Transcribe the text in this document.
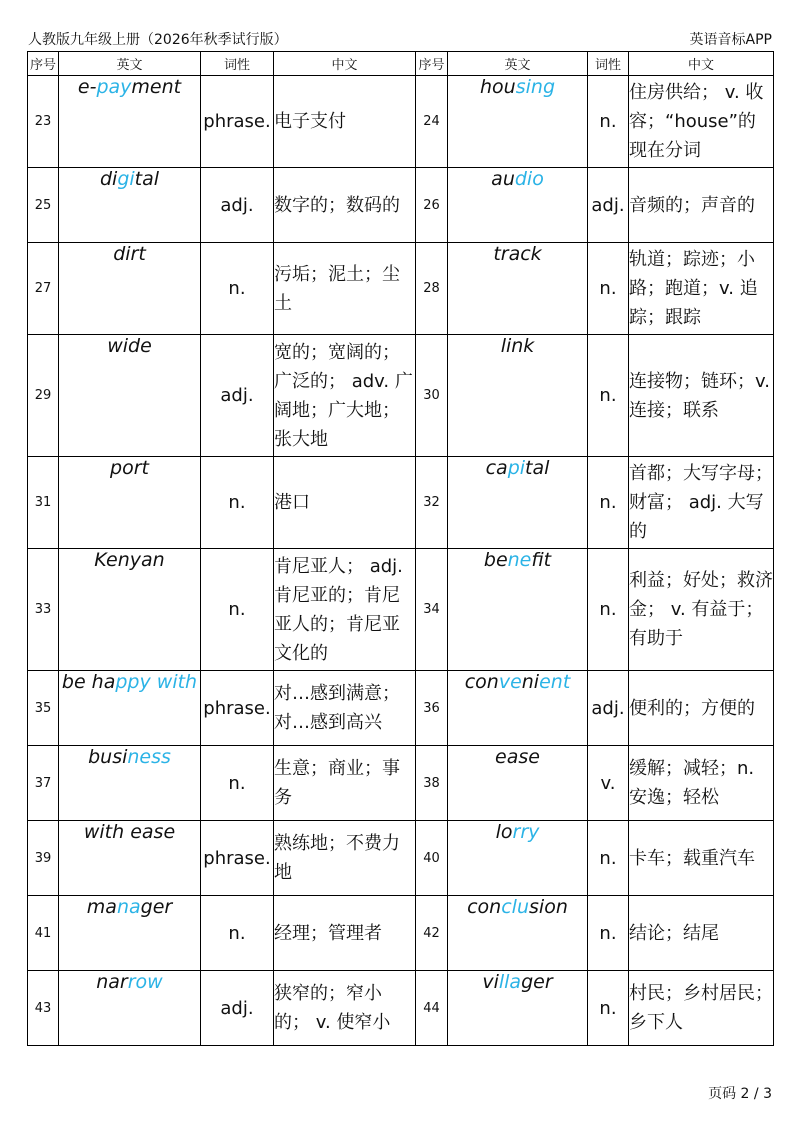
人教版九年级上册（2026年秋季试行版）	英语音标APP
序号	英文	词性	中文	序号	英文	词性	中文
23	e-payment	phrase.	电子支付	24	housing	n.	住房供给； v. 收容；“house”的现在分词
25	digital	adj.	数字的；数码的	26	audio	adj.	音频的；声音的
27	dirt	n.	污垢；泥土；尘土	28	track	n.	轨道；踪迹；小路；跑道；v. 追踪；跟踪
29	wide	adj.	宽的；宽阔的；广泛的； adv. 广阔地；广大地；张大地	30	link	n.	连接物；链环；v. 连接；联系
31	port	n.	港口	32	capital	n.	首都；大写字母；财富； adj. 大写的
33	Kenyan	n.	肯尼亚人； adj. 肯尼亚的；肯尼亚人的；肯尼亚文化的	34	benefit	n.	利益；好处；救济金； v. 有益于；有助于
35	be happy with	phrase.	对…感到满意；对…感到高兴	36	convenient	adj.	便利的；方便的
37	business	n.	生意；商业；事务	38	ease	v.	缓解；减轻；n. 安逸；轻松
39	with ease	phrase.	熟练地；不费力地	40	lorry	n.	卡车；载重汽车
41	manager	n.	经理；管理者	42	conclusion	n.	结论；结尾
43	narrow	adj.	狭窄的；窄小的； v. 使窄小	44	villager	n.	村民；乡村居民；乡下人
页码 2 / 3
